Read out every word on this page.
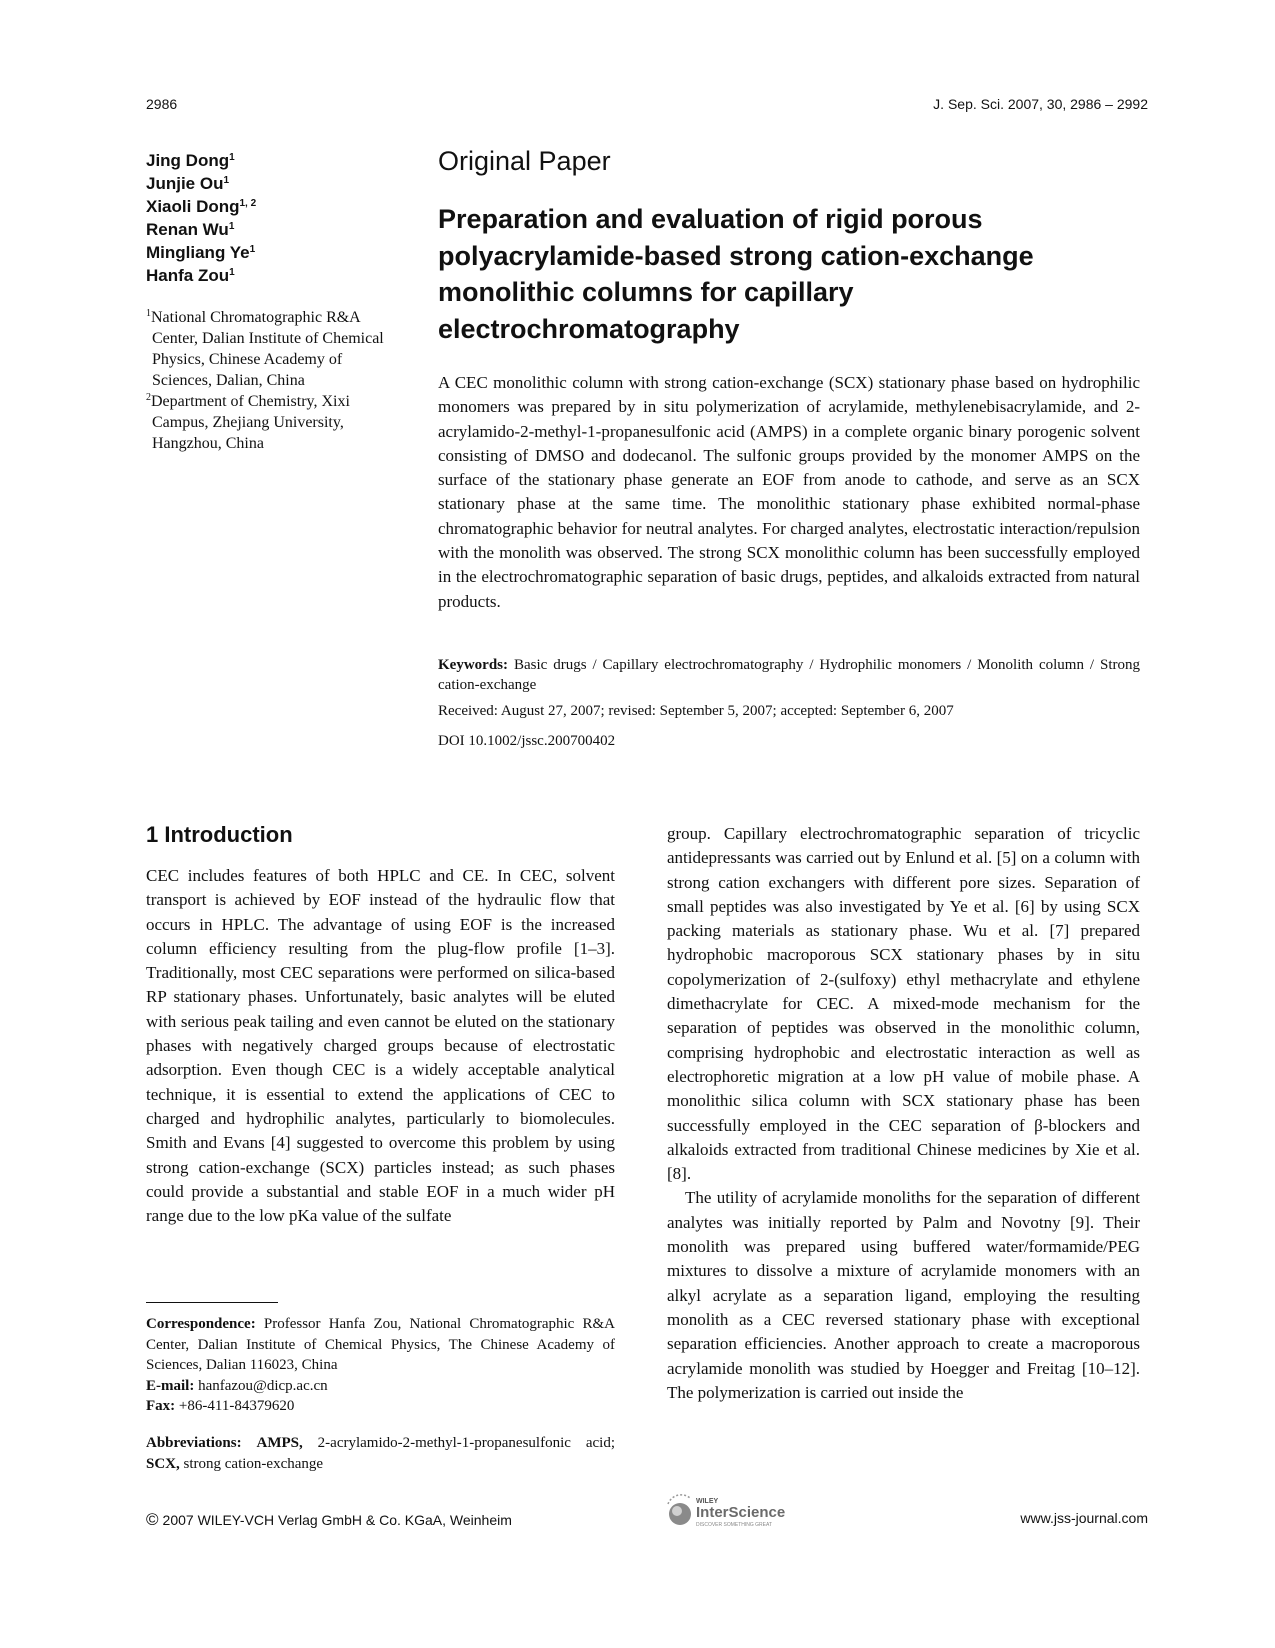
2986	J. Sep. Sci. 2007, 30, 2986 – 2992
Jing Dong$^1$
Junjie Ou$^1$
Xiaoli Dong$^{1, 2}$
Renan Wu$^1$
Mingliang Ye$^1$
Hanfa Zou$^1$
$^1$National Chromatographic R&A Center, Dalian Institute of Chemical Physics, Chinese Academy of Sciences, Dalian, China
$^2$Department of Chemistry, Xixi Campus, Zhejiang University, Hangzhou, China
Original Paper
Preparation and evaluation of rigid porous polyacrylamide-based strong cation-exchange monolithic columns for capillary electrochromatography

A CEC monolithic column with strong cation-exchange (SCX) stationary phase based on hydrophilic monomers was prepared by in situ polymerization of acrylamide, methylenebisacrylamide, and 2-acrylamido-2-methyl-1-propanesulfonic acid (AMPS) in a complete organic binary porogenic solvent consisting of DMSO and dodecanol. The sulfonic groups provided by the monomer AMPS on the surface of the stationary phase generate an EOF from anode to cathode, and serve as an SCX stationary phase at the same time. The monolithic stationary phase exhibited normal-phase chromatographic behavior for neutral analytes. For charged analytes, electrostatic interaction/repulsion with the monolith was observed. The strong SCX monolithic column has been successfully employed in the electrochromatographic separation of basic drugs, peptides, and alkaloids extracted from natural products.

Keywords: Basic drugs / Capillary electrochromatography / Hydrophilic monomers / Monolith column / Strong cation-exchange

Received: August 27, 2007; revised: September 5, 2007; accepted: September 6, 2007
DOI 10.1002/jssc.200700402
1 Introduction

CEC includes features of both HPLC and CE. In CEC, solvent transport is achieved by EOF instead of the hydraulic flow that occurs in HPLC. The advantage of using EOF is the increased column efficiency resulting from the plug-flow profile [1–3]. Traditionally, most CEC separations were performed on silica-based RP stationary phases. Unfortunately, basic analytes will be eluted with serious peak tailing and even cannot be eluted on the stationary phases with negatively charged groups because of electrostatic adsorption. Even though CEC is a widely acceptable analytical technique, it is essential to extend the applications of CEC to charged and hydrophilic analytes, particularly to biomolecules. Smith and Evans [4] suggested to overcome this problem by using strong cation-exchange (SCX) particles instead; as such phases could provide a substantial and stable EOF in a much wider pH range due to the low pKa value of the sulfate

group. Capillary electrochromatographic separation of tricyclic antidepressants was carried out by Enlund et al. [5] on a column with strong cation exchangers with different pore sizes. Separation of small peptides was also investigated by Ye et al. [6] by using SCX packing materials as stationary phase. Wu et al. [7] prepared hydrophobic macroporous SCX stationary phases by in situ copolymerization of 2-(sulfoxy) ethyl methacrylate and ethylene dimethacrylate for CEC. A mixed-mode mechanism for the separation of peptides was observed in the monolithic column, comprising hydrophobic and electrostatic interaction as well as electrophoretic migration at a low pH value of mobile phase. A monolithic silica column with SCX stationary phase has been successfully employed in the CEC separation of β-blockers and alkaloids extracted from traditional Chinese medicines by Xie et al. [8].

The utility of acrylamide monoliths for the separation of different analytes was initially reported by Palm and Novotny [9]. Their monolith was prepared using buffered water/formamide/PEG mixtures to dissolve a mixture of acrylamide monomers with an alkyl acrylate as a separation ligand, employing the resulting monolith as a CEC reversed stationary phase with exceptional separation efficiencies. Another approach to create a macroporous acrylamide monolith was studied by Hoegger and Freitag [10–12]. The polymerization is carried out inside the

Correspondence: Professor Hanfa Zou, National Chromatographic R&A Center, Dalian Institute of Chemical Physics, The Chinese Academy of Sciences, Dalian 116023, China

E-mail: hanfazou@dicp.ac.cn

Fax: +86-411-84379620

Abbreviations: AMPS, 2-acrylamido-2-methyl-1-propanesulfonic acid; SCX, strong cation-exchange

© 2007 WILEY-VCH Verlag GmbH & Co. KGaA, Weinheim
WILEY
InterScience
DISCOVER SOMETHING GREAT	www.jss-journal.com
